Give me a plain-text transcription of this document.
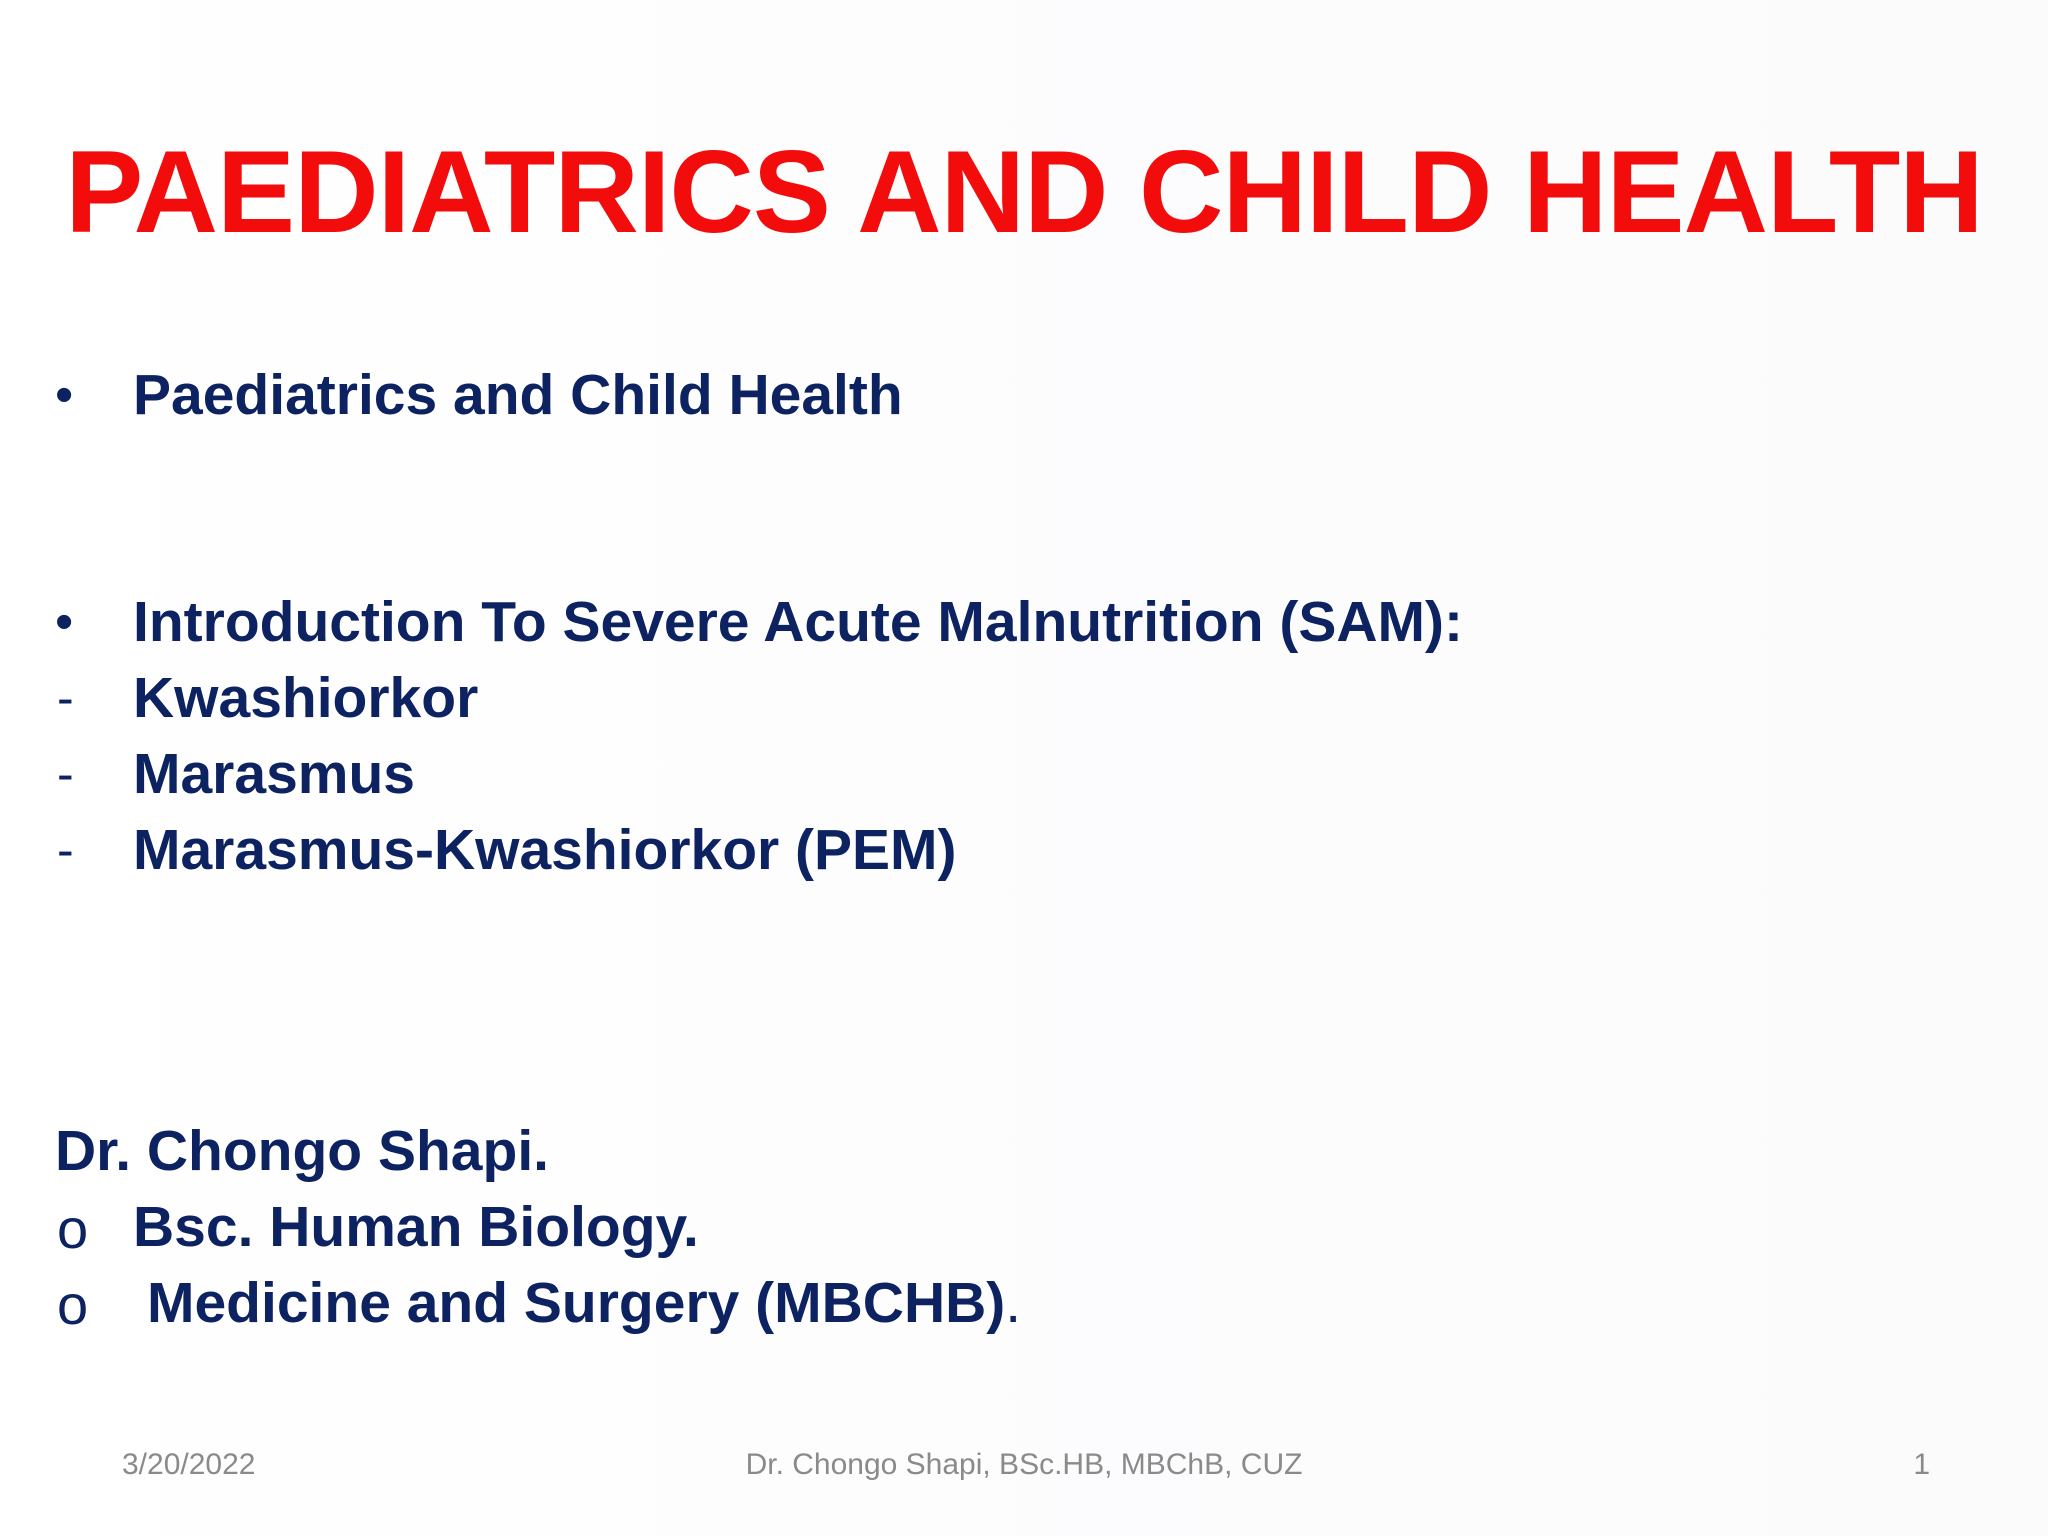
PAEDIATRICS AND CHILD HEALTH
• Paediatrics and Child Health
• Introduction To Severe Acute Malnutrition (SAM):
- Kwashiorkor
- Marasmus
- Marasmus-Kwashiorkor (PEM)
Dr. Chongo Shapi.
o Bsc. Human Biology.
o Medicine and Surgery (MBCHB).
3/20/2022	Dr. Chongo Shapi, BSc.HB, MBChB, CUZ	1
